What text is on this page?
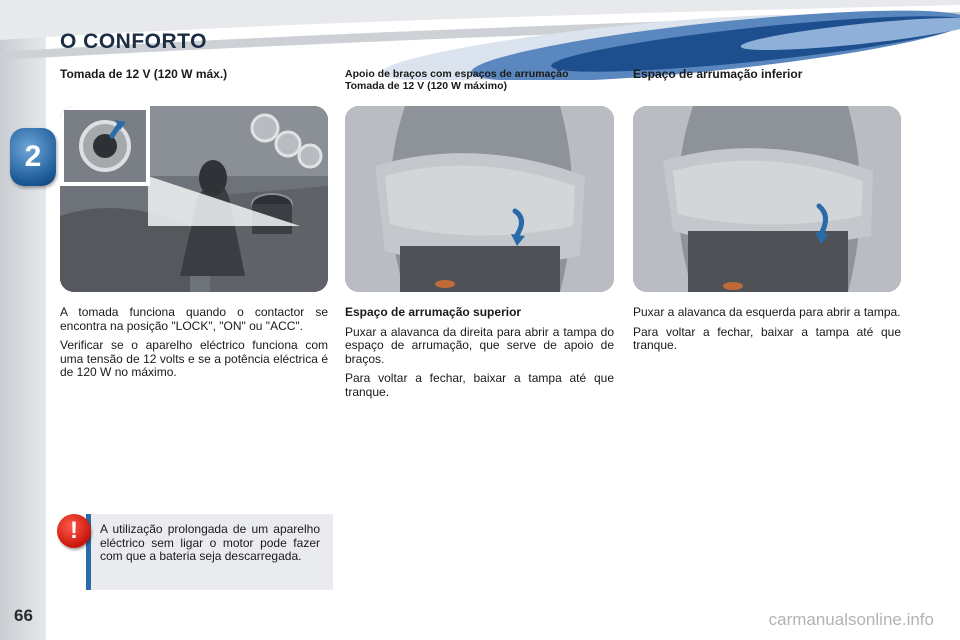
2
66
O CONFORTO
Tomada de 12 V (120 W máx.)	Apoio de braços com espaços de arrumação
Tomada de 12 V (120 W máximo)
Espaço de arrumação inferior

A tomada funciona quando o contactor se encontra na posição "LOCK", "ON" ou "ACC".

Verificar se o aparelho eléctrico funciona com uma tensão de 12 volts e se a potência eléctrica é de 120 W no máximo.

Espaço de arrumação superior

Puxar a alavanca da direita para abrir a tampa do espaço de arrumação, que serve de apoio de braços.

Para voltar a fechar, baixar a tampa até que tranque.

Puxar a alavanca da esquerda para abrir a tampa.

Para voltar a fechar, baixar a tampa até que tranque.

!	A utilização prolongada de um aparelho eléctrico sem ligar o motor pode fazer com que a bateria seja descarregada.
carmanualsonline.info
